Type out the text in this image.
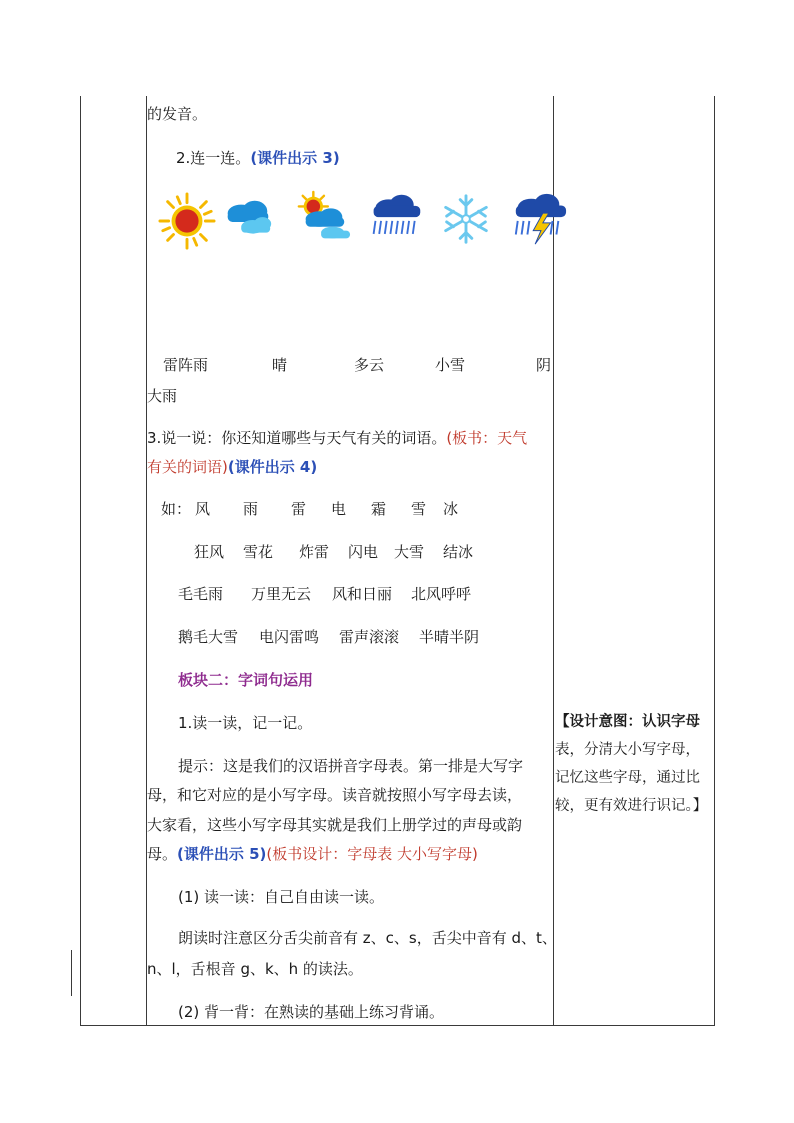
的发音。
2.连一连。(课件出示 3)
雷阵雨	晴	多云	小雪	阴
大雨
3.说一说：你还知道哪些与天气有关的词语。(板书：天气
有关的词语)(课件出示 4)
如： 风 雨 雷 电 霜 雪 冰
狂风 雪花 炸雷 闪电 大雪 结冰
毛毛雨 万里无云 风和日丽 北风呼呼
鹅毛大雪 电闪雷鸣 雷声滚滚 半晴半阴
板块二：字词句运用
1.读一读，记一记。
提示：这是我们的汉语拼音字母表。第一排是大写字
母，和它对应的是小写字母。读音就按照小写字母去读，
大家看，这些小写字母其实就是我们上册学过的声母或韵
母。(课件出示 5)(板书设计：字母表 大小写字母)
(1) 读一读：自己自由读一读。
朗读时注意区分舌尖前音有 z、c、s，舌尖中音有 d、t、
n、l，舌根音 g、k、h 的读法。
(2) 背一背：在熟读的基础上练习背诵。
【设计意图：认识字母
表，分清大小写字母，
记忆这些字母，通过比
较，更有效进行识记。】
